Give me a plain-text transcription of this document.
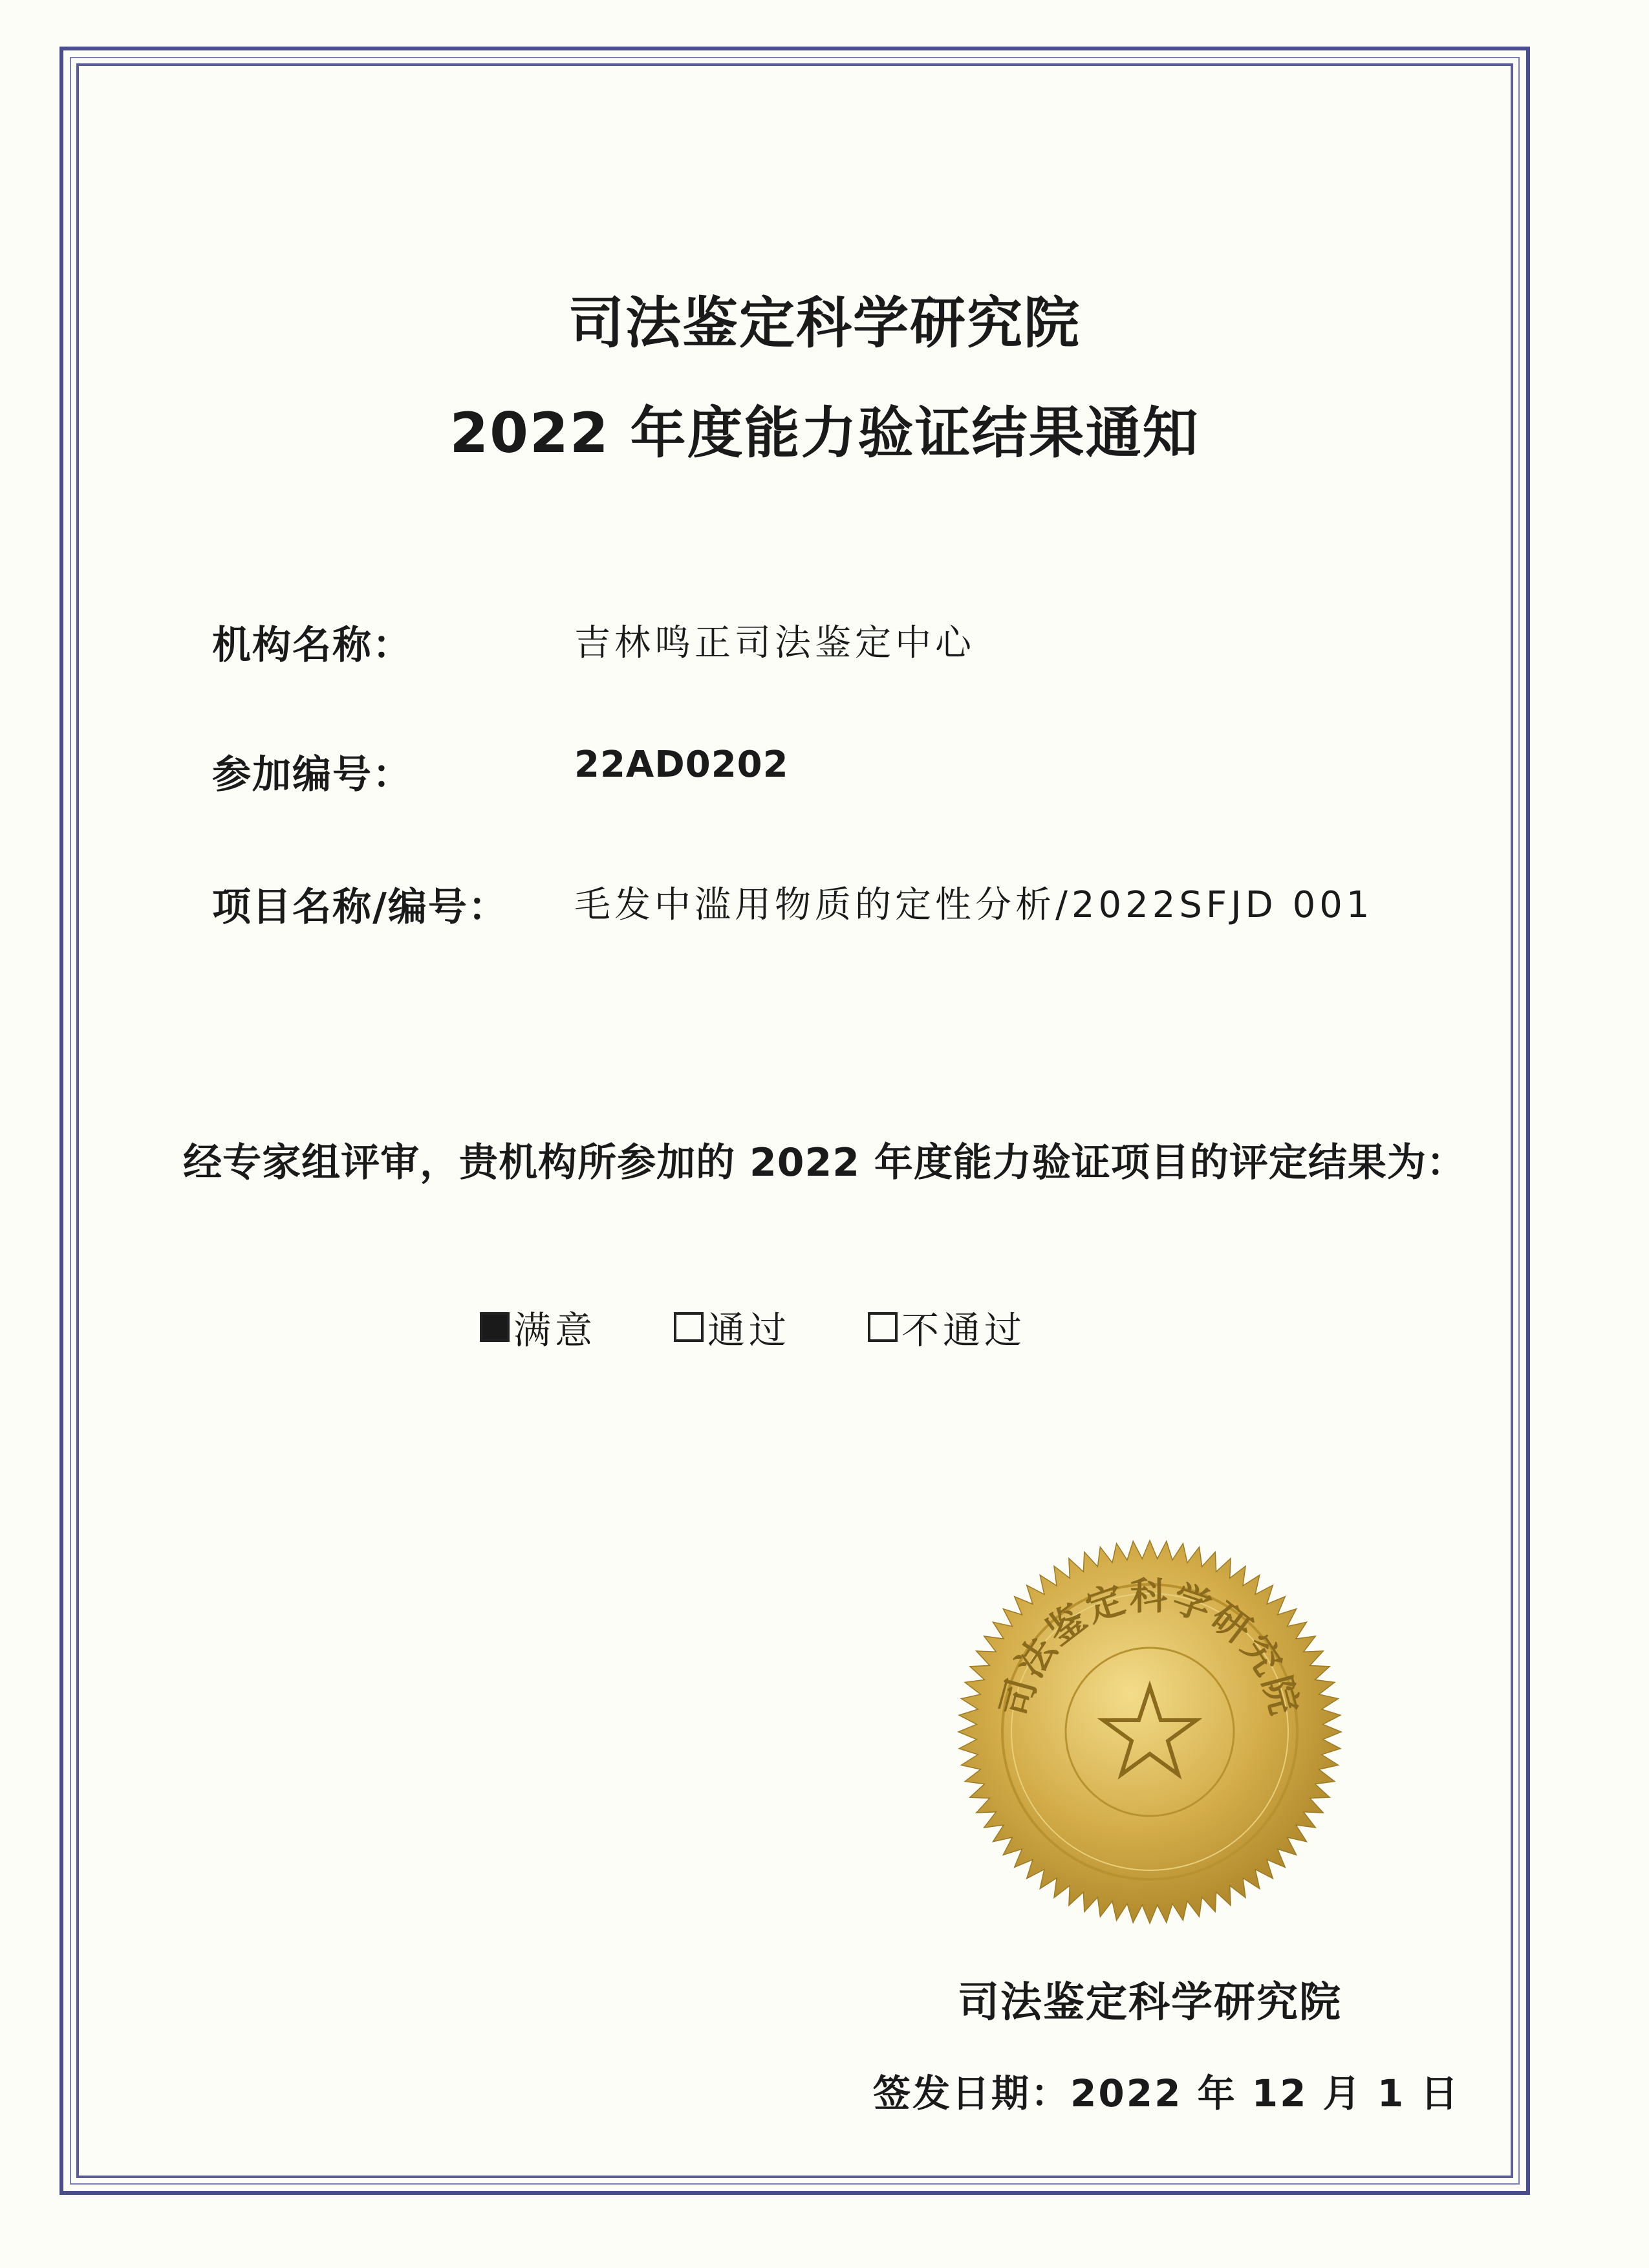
司法鉴定科学研究院
2022 年度能力验证结果通知
机构名称：	吉林鸣正司法鉴定中心
参加编号：	22AD0202
项目名称/编号： 毛发中滥用物质的定性分析/2022SFJD 001
经专家组评审，贵机构所参加的 2022 年度能力验证项目的评定结果为：
满意	通过	不通过
司法鉴定科学研究院
司法鉴定科学研究院
签发日期：2022 年 12 月 1 日
